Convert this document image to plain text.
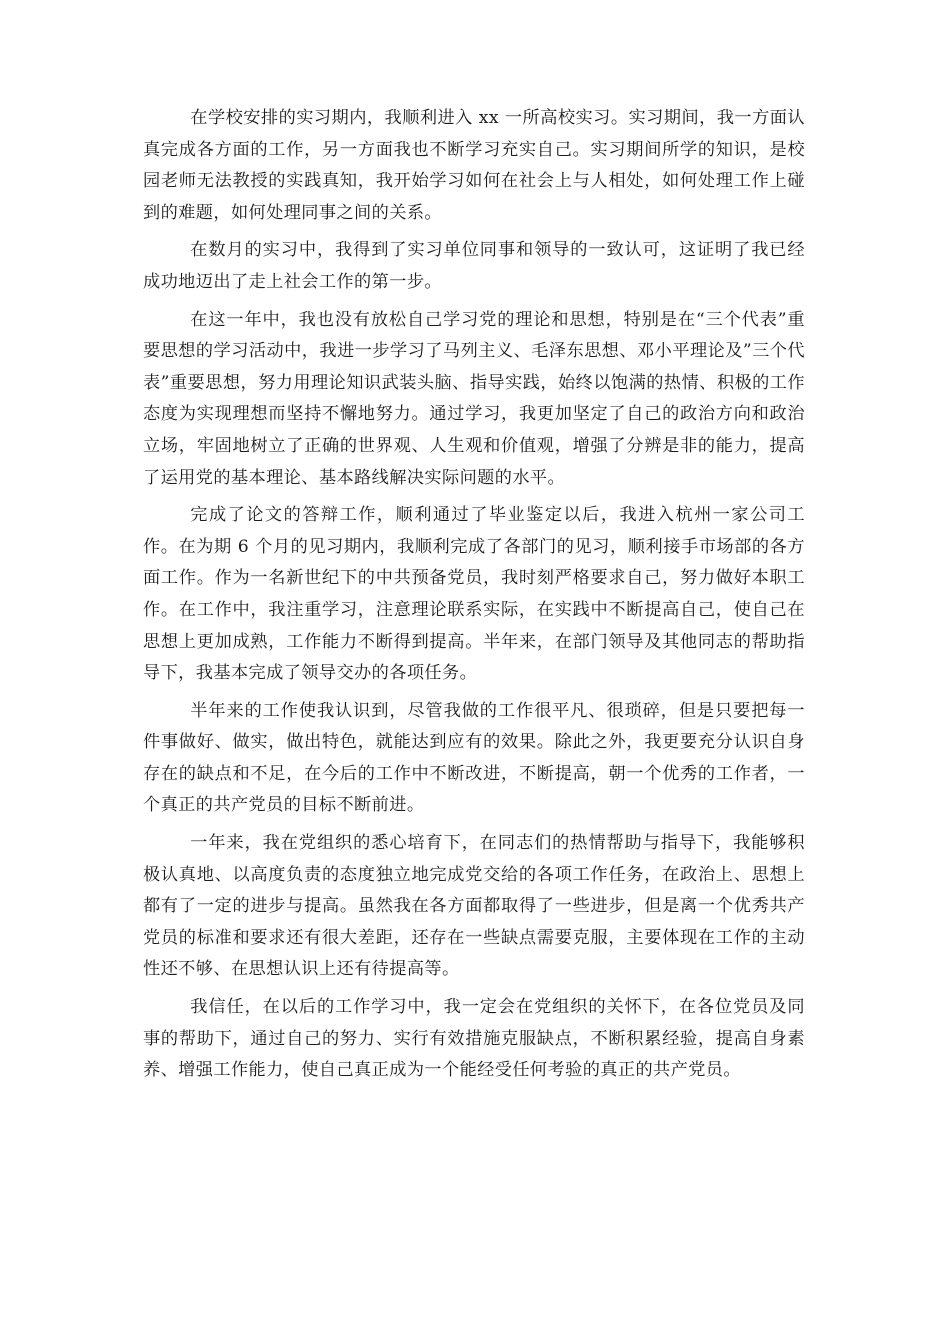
在学校安排的实习期内，我顺利进入 xx 一所高校实习。实习期间，我一方面认真完成各方面的工作，另一方面我也不断学习充实自己。实习期间所学的知识，是校园老师无法教授的实践真知，我开始学习如何在社会上与人相处，如何处理工作上碰到的难题，如何处理同事之间的关系。

在数月的实习中，我得到了实习单位同事和领导的一致认可，这证明了我已经成功地迈出了走上社会工作的第一步。

在这一年中，我也没有放松自己学习党的理论和思想，特别是在“三个代表”重要思想的学习活动中，我进一步学习了马列主义、毛泽东思想、邓小平理论及”三个代表”重要思想，努力用理论知识武装头脑、指导实践，始终以饱满的热情、积极的工作态度为实现理想而坚持不懈地努力。通过学习，我更加坚定了自己的政治方向和政治立场，牢固地树立了正确的世界观、人生观和价值观，增强了分辨是非的能力，提高了运用党的基本理论、基本路线解决实际问题的水平。

完成了论文的答辩工作，顺利通过了毕业鉴定以后，我进入杭州一家公司工作。在为期 6 个月的见习期内，我顺利完成了各部门的见习，顺利接手市场部的各方面工作。作为一名新世纪下的中共预备党员，我时刻严格要求自己，努力做好本职工作。在工作中，我注重学习，注意理论联系实际，在实践中不断提高自己，使自己在思想上更加成熟，工作能力不断得到提高。半年来，在部门领导及其他同志的帮助指导下，我基本完成了领导交办的各项任务。

半年来的工作使我认识到，尽管我做的工作很平凡、很琐碎，但是只要把每一件事做好、做实，做出特色，就能达到应有的效果。除此之外，我更要充分认识自身存在的缺点和不足，在今后的工作中不断改进，不断提高，朝一个优秀的工作者，一个真正的共产党员的目标不断前进。

一年来，我在党组织的悉心培育下，在同志们的热情帮助与指导下，我能够积极认真地、以高度负责的态度独立地完成党交给的各项工作任务，在政治上、思想上都有了一定的进步与提高。虽然我在各方面都取得了一些进步，但是离一个优秀共产党员的标准和要求还有很大差距，还存在一些缺点需要克服，主要体现在工作的主动性还不够、在思想认识上还有待提高等。

我信任，在以后的工作学习中，我一定会在党组织的关怀下，在各位党员及同事的帮助下，通过自己的努力、实行有效措施克服缺点，不断积累经验，提高自身素养、增强工作能力，使自己真正成为一个能经受任何考验的真正的共产党员。
